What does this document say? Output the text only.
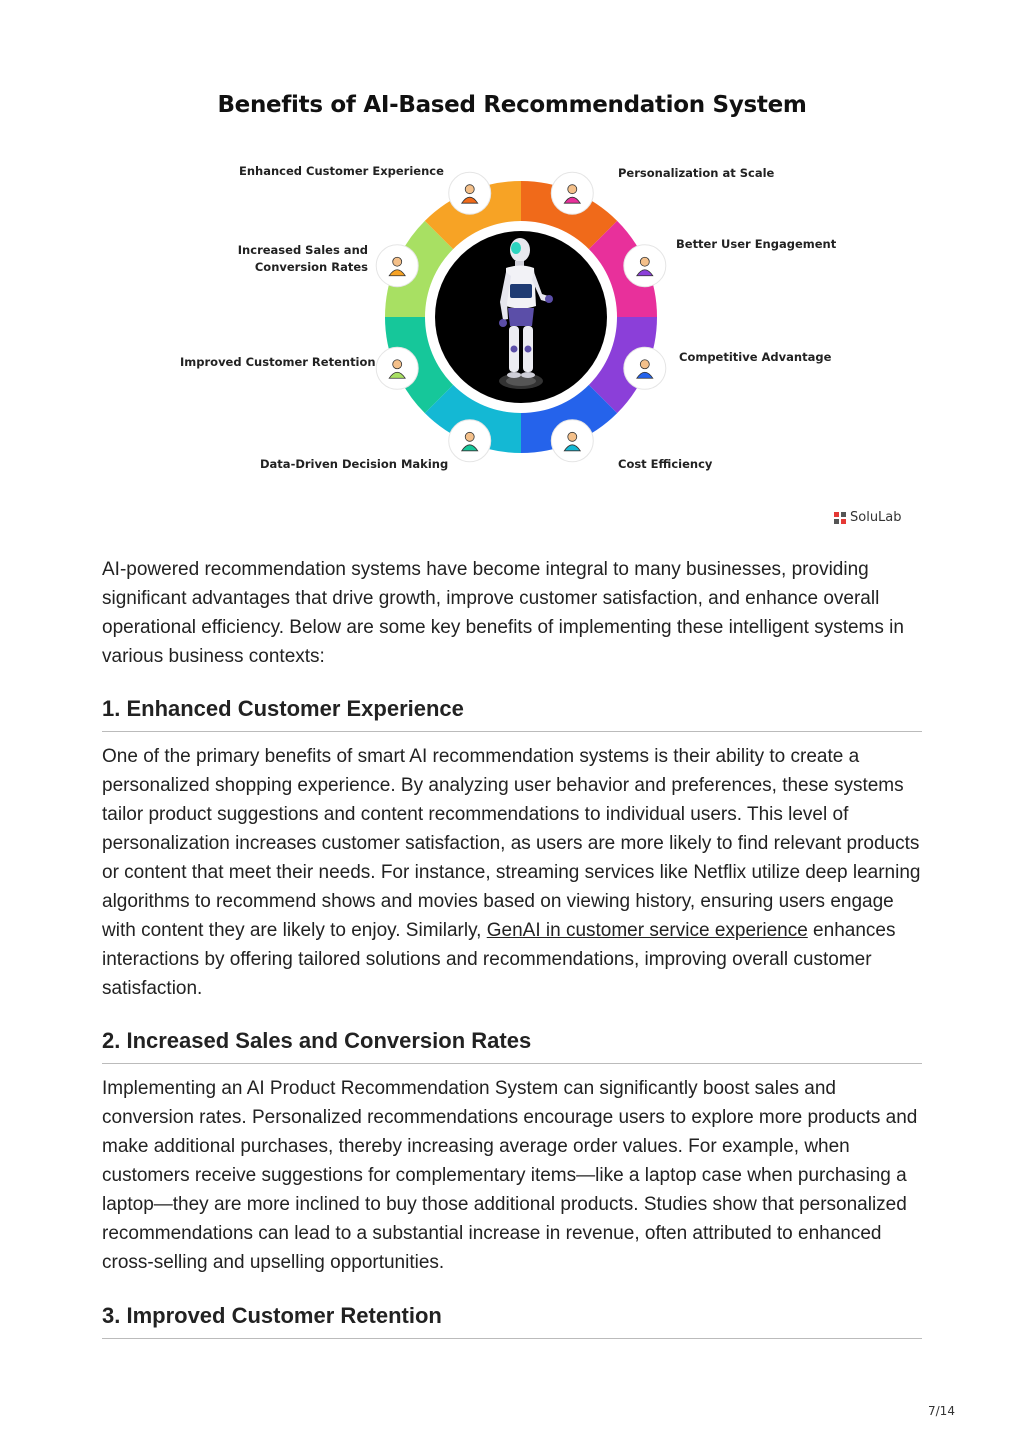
Benefits of AI-Based Recommendation System
Enhanced Customer Experience	Personalization at Scale
Better User Engagement
Competitive Advantage
Cost Efficiency
Data-Driven Decision Making
Improved Customer Retention
Increased Sales and
Conversion Rates
SoluLab

AI-powered recommendation systems have become integral to many businesses, providing significant advantages that drive growth, improve customer satisfaction, and enhance overall operational efficiency. Below are some key benefits of implementing these intelligent systems in various business contexts:

1. Enhanced Customer Experience

One of the primary benefits of smart AI recommendation systems is their ability to create a personalized shopping experience. By analyzing user behavior and preferences, these systems tailor product suggestions and content recommendations to individual users. This level of personalization increases customer satisfaction, as users are more likely to find relevant products or content that meet their needs. For instance, streaming services like Netflix utilize deep learning algorithms to recommend shows and movies based on viewing history, ensuring users engage with content they are likely to enjoy. Similarly, GenAI in customer service experience enhances interactions by offering tailored solutions and recommendations, improving overall customer satisfaction.

2. Increased Sales and Conversion Rates

Implementing an AI Product Recommendation System can significantly boost sales and conversion rates. Personalized recommendations encourage users to explore more products and make additional purchases, thereby increasing average order values. For example, when customers receive suggestions for complementary items—like a laptop case when purchasing a laptop—they are more inclined to buy those additional products. Studies show that personalized recommendations can lead to a substantial increase in revenue, often attributed to enhanced cross-selling and upselling opportunities.

3. Improved Customer Retention
7/14
